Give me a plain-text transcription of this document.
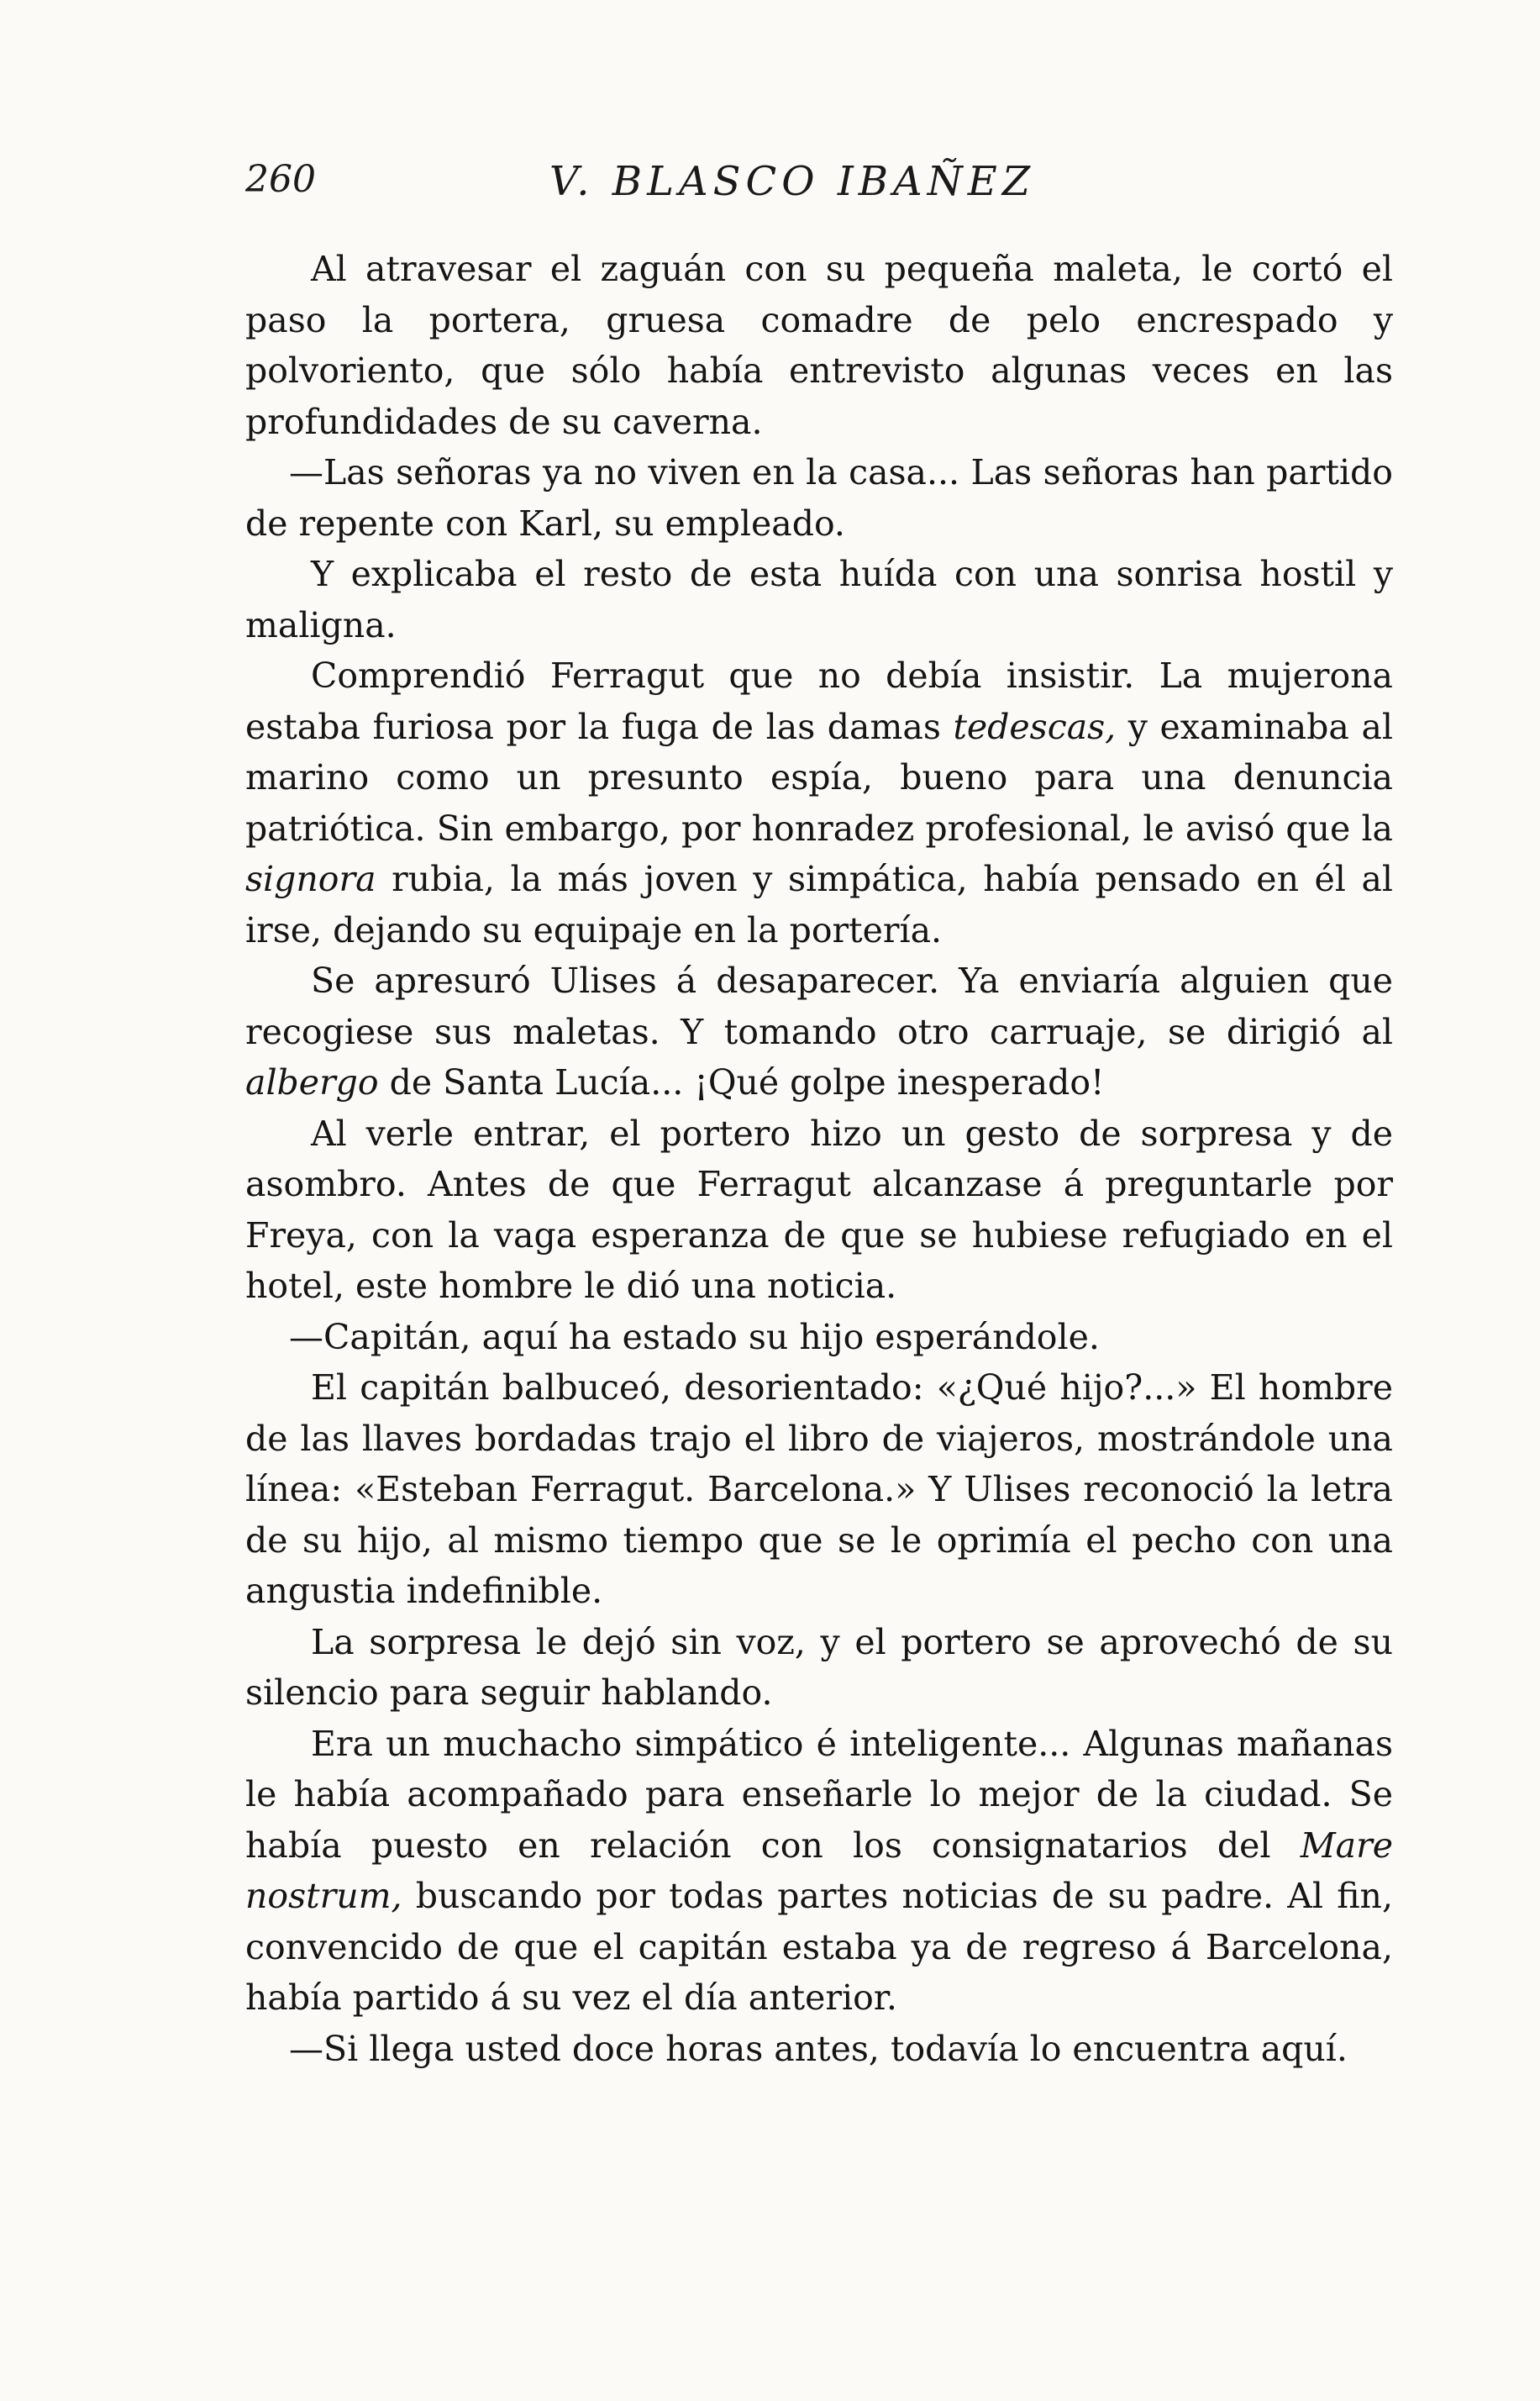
260	V. BLASCO IBAÑEZ

Al atravesar el zaguán con su pequeña maleta, le cortó el paso la portera, gruesa comadre de pelo encrespado y polvoriento, que sólo había entrevisto algunas veces en las profundidades de su caverna.

—Las señoras ya no viven en la casa... Las señoras han partido de repente con Karl, su empleado.

Y explicaba el resto de esta huída con una sonrisa hostil y maligna.

Comprendió Ferragut que no debía insistir. La mujerona estaba furiosa por la fuga de las damas tedescas, y examinaba al marino como un presunto espía, bueno para una denuncia patriótica. Sin embargo, por honradez profesional, le avisó que la signora rubia, la más joven y simpática, había pensado en él al irse, dejando su equipaje en la portería.

Se apresuró Ulises á desaparecer. Ya enviaría alguien que recogiese sus maletas. Y tomando otro carruaje, se dirigió al albergo de Santa Lucía... ¡Qué golpe inesperado!

Al verle entrar, el portero hizo un gesto de sorpresa y de asombro. Antes de que Ferragut alcanzase á preguntarle por Freya, con la vaga esperanza de que se hubiese refugiado en el hotel, este hombre le dió una noticia.

—Capitán, aquí ha estado su hijo esperándole.

El capitán balbuceó, desorientado: «¿Qué hijo?...» El hombre de las llaves bordadas trajo el libro de viajeros, mostrándole una línea: «Esteban Ferragut. Barcelona.» Y Ulises reconoció la letra de su hijo, al mismo tiempo que se le oprimía el pecho con una angustia indefinible.

La sorpresa le dejó sin voz, y el portero se aprovechó de su silencio para seguir hablando.

Era un muchacho simpático é inteligente... Algunas mañanas le había acompañado para enseñarle lo mejor de la ciudad. Se había puesto en relación con los consignatarios del Mare nostrum, buscando por todas partes noticias de su padre. Al fin, convencido de que el capitán estaba ya de regreso á Barcelona, había partido á su vez el día anterior.

—Si llega usted doce horas antes, todavía lo encuentra aquí.
